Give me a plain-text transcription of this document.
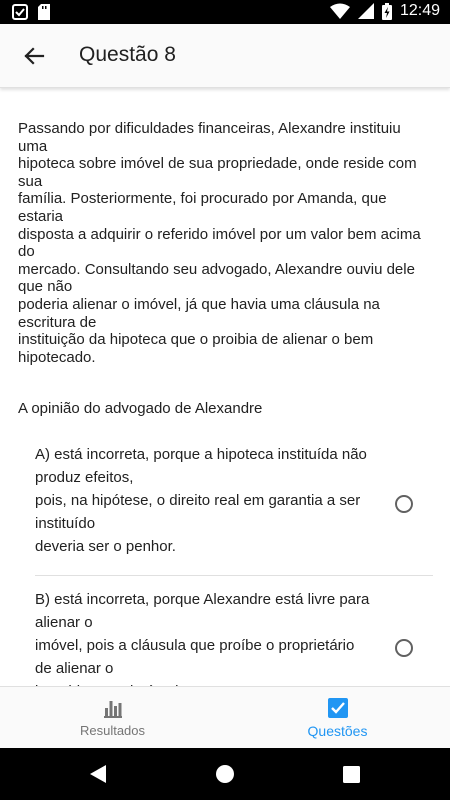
12:49
Questão 8
Passando por dificuldades financeiras, Alexandre instituiu uma
hipoteca sobre imóvel de sua propriedade, onde reside com sua
família. Posteriormente, foi procurado por Amanda, que estaria
disposta a adquirir o referido imóvel por um valor bem acima do
mercado. Consultando seu advogado, Alexandre ouviu dele que não
poderia alienar o imóvel, já que havia uma cláusula na escritura de
instituição da hipoteca que o proibia de alienar o bem hipotecado.
A opinião do advogado de Alexandre
A) está incorreta, porque a hipoteca instituída não produz efeitos,
pois, na hipótese, o direito real em garantia a ser instituído
deveria ser o penhor.
B) está incorreta, porque Alexandre está livre para alienar o
imóvel, pois a cláusula que proíbe o proprietário de alienar o

Resultados	Questões
